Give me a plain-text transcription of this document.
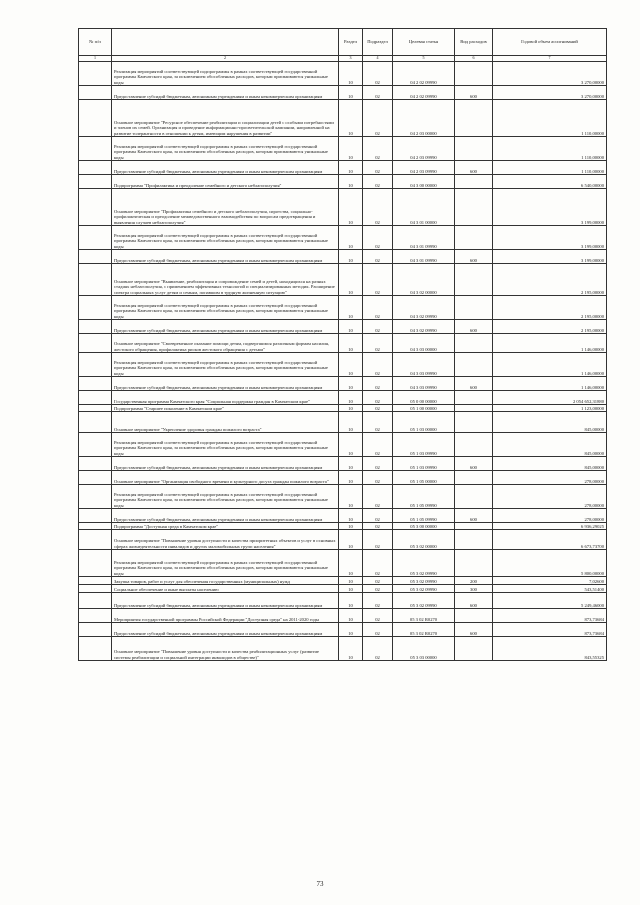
№ п/п		Раздел	Подраздел	Целевая статья	Вид расходов	Годовой объем ассигнований
1	2	3	4	5	6	7
	Реализация мероприятий соответствующей подпрограммы в рамках соответствующей государственной программы Камчатского края, за исключением обособленных расходов, которым присваиваются уникальные коды	10	02	04 2 02 09990		3 270,00000
	Предоставление субсидий бюджетным, автономным учреждениям и иным некоммерческим организациям	10	02	04 2 02 09990	600	3 270,00000
	Основное мероприятие "Ресурсное обеспечение реабилитации и социализации детей с особыми потребностями и членов их семей. Организация и проведение информационно-просветительской кампании, направленной на развитие толерантности в отношении к детям, имеющим нарушения в развитии"	10	02	04 2 03 00000		1 110,00000
	Реализация мероприятий соответствующей подпрограммы в рамках соответствующей государственной программы Камчатского края, за исключением обособленных расходов, которым присваиваются уникальные коды	10	02	04 2 03 09990		1 110,00000
	Предоставление субсидий бюджетным, автономным учреждениям и иным некоммерческим организациям	10	02	04 2 03 09990	600	1 110,00000
	Подпрограмма "Профилактика и преодоление семейного и детского неблагополучия"	10	02	04 3 00 00000		6 540,00000
	Основное мероприятие "Профилактика семейного и детского неблагополучия, сиротства, социально-профилактическая и преодоление межведомственного взаимодействия по вопросам предотвращения и выявления случаев неблагополучия"	10	02	04 3 01 00000		3 199,00000
	Реализация мероприятий соответствующей подпрограммы в рамках соответствующей государственной программы Камчатского края, за исключением обособленных расходов, которым присваиваются уникальные коды	10	02	04 3 01 09990		3 199,00000
	Предоставление субсидий бюджетным, автономным учреждениям и иным некоммерческим организациям	10	02	04 3 01 09990	600	3 199,00000
	Основное мероприятие "Выявление, реабилитация и сопровождение семей и детей, находящихся на разных стадиях неблагополучия, с применением эффективных технологий и специализированных методик. Расширение спектра социальных услуг детям и семьям, попавшим в трудную жизненную ситуацию"	10	02	04 3 02 00000		2 195,00000
	Реализация мероприятий соответствующей подпрограммы в рамках соответствующей государственной программы Камчатского края, за исключением обособленных расходов, которым присваиваются уникальные коды	10	02	04 3 02 09990		2 195,00000
	Предоставление субсидий бюджетным, автономным учреждениям и иным некоммерческим организациям	10	02	04 3 02 09990	600	2 195,00000
	Основное мероприятие "Своевременное оказание помощи детям, подвергшимся различным формам насилия, жестокого обращения, профилактика рисков жестокого обращения с детьми"	10	02	04 3 03 00000		1 146,00000
	Реализация мероприятий соответствующей подпрограммы в рамках соответствующей государственной программы Камчатского края, за исключением обособленных расходов, которым присваиваются уникальные коды	10	02	04 3 03 09990		1 146,00000
	Предоставление субсидий бюджетным, автономным учреждениям и иным некоммерческим организациям	10	02	04 3 03 09990	600	1 146,00000
	Государственная программа Камчатского края "Социальная поддержка граждан в Камчатском крае"	10	02	05 0 00 00000		2 054 652,31880
	Подпрограмма "Старшее поколение в Камчатском крае"	10	02	05 1 00 00000		1 123,00000
	Основное мероприятие "Укрепление здоровья граждан пожилого возраста"	10	02	05 1 03 00000		845,00000
	Реализация мероприятий соответствующей подпрограммы в рамках соответствующей государственной программы Камчатского края, за исключением обособленных расходов, которым присваиваются уникальные коды	10	02	05 1 03 09990		845,00000
	Предоставление субсидий бюджетным, автономным учреждениям и иным некоммерческим организациям	10	02	05 1 03 09990	600	845,00000
	Основное мероприятие "Организация свободного времени и культурного досуга граждан пожилого возраста"	10	02	05 1 05 00000		278,00000
	Реализация мероприятий соответствующей подпрограммы в рамках соответствующей государственной программы Камчатского края, за исключением обособленных расходов, которым присваиваются уникальные коды	10	02	05 1 05 09990		278,00000
	Предоставление субсидий бюджетным, автономным учреждениям и иным некоммерческим организациям	10	02	05 1 05 09990	600	278,00000
	Подпрограмма "Доступная среда в Камчатском крае"	10	02	05 3 00 00000		6 936,29025
	Основное мероприятие "Повышение уровня доступности и качества приоритетных объектов и услуг в основных сферах жизнедеятельности инвалидов и других маломобильных групп населения"	10	02	05 3 02 00000		6 673,73700
	Реализация мероприятий соответствующей подпрограммы в рамках соответствующей государственной программы Камчатского края, за исключением обособленных расходов, которым присваиваются уникальные коды	10	02	05 3 02 09990		5 800,00000
	Закупка товаров, работ и услуг для обеспечения государственных (муниципальных) нужд	10	02	05 3 02 09990	200	7,02600
	Социальное обеспечение и иные выплаты населению	10	02	05 3 02 09990	300	543,51400
	Предоставление субсидий бюджетным, автономным учреждениям и иным некоммерческим организациям	10	02	05 3 02 09990	600	5 249,46000
	Мероприятия государственной программы Российской Федерации "Доступная среда" на 2011-2020 годы	10	02	05 3 02 R0270		873,73684
	Предоставление субсидий бюджетным, автономным учреждениям и иным некоммерческим организациям	10	02	05 3 02 R0270	600	873,73684
	Основное мероприятие "Повышение уровня доступности и качества реабилитационных услуг (развитие системы реабилитации и социальной интеграции инвалидов в обществе)"	10	02	05 3 03 00000		843,55325
73
